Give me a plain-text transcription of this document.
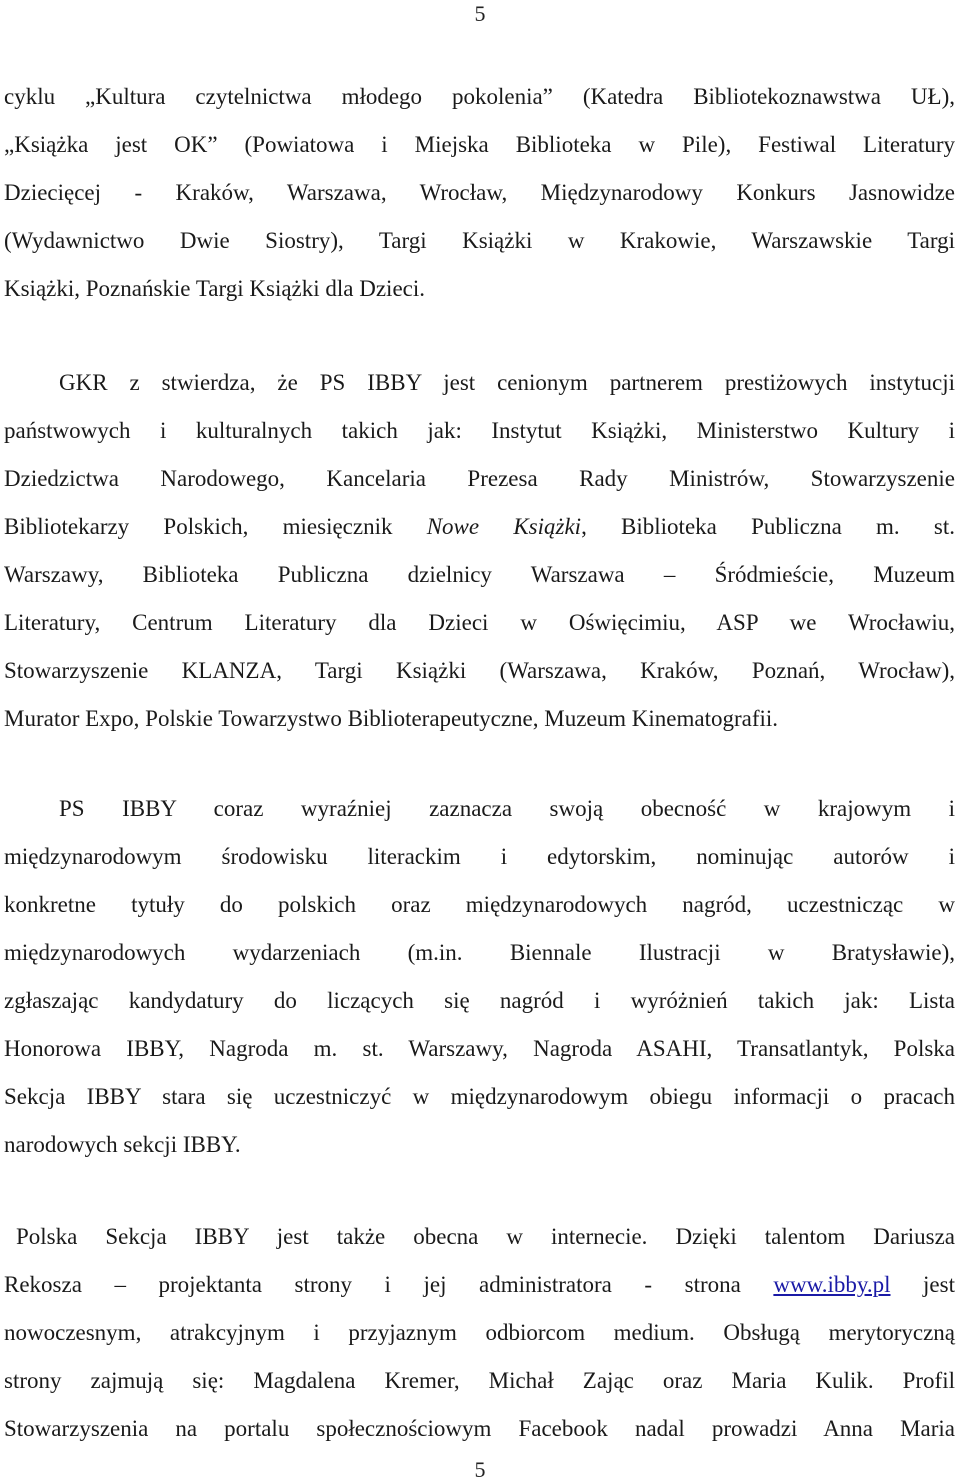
5
cyklu „Kultura czytelnictwa młodego pokolenia” (Katedra Bibliotekoznawstwa UŁ),
„Książka jest OK” (Powiatowa i Miejska Biblioteka w Pile), Festiwal Literatury
Dziecięcej - Kraków, Warszawa, Wrocław, Międzynarodowy Konkurs Jasnowidze
(Wydawnictwo Dwie Siostry), Targi Książki w Krakowie, Warszawskie Targi
Książki, Poznańskie Targi Książki dla Dzieci.
GKR z stwierdza, że PS IBBY jest cenionym partnerem prestiżowych instytucji
państwowych i kulturalnych takich jak: Instytut Książki, Ministerstwo Kultury i
Dziedzictwa Narodowego, Kancelaria Prezesa Rady Ministrów, Stowarzyszenie
Bibliotekarzy Polskich, miesięcznik Nowe Książki, Biblioteka Publiczna m. st.
Warszawy, Biblioteka Publiczna dzielnicy Warszawa – Śródmieście, Muzeum
Literatury, Centrum Literatury dla Dzieci w Oświęcimiu, ASP we Wrocławiu,
Stowarzyszenie KLANZA, Targi Książki (Warszawa, Kraków, Poznań, Wrocław),
Murator Expo, Polskie Towarzystwo Biblioterapeutyczne, Muzeum Kinematografii.
PS IBBY coraz wyraźniej zaznacza swoją obecność w krajowym i
międzynarodowym środowisku literackim i edytorskim, nominując autorów i
konkretne tytuły do polskich oraz międzynarodowych nagród, uczestnicząc w
międzynarodowych wydarzeniach (m.in. Biennale Ilustracji w Bratysławie),
zgłaszając kandydatury do liczących się nagród i wyróżnień takich jak: Lista
Honorowa IBBY, Nagroda m. st. Warszawy, Nagroda ASAHI, Transatlantyk, Polska
Sekcja IBBY stara się uczestniczyć w międzynarodowym obiegu informacji o pracach
narodowych sekcji IBBY.
Polska Sekcja IBBY jest także obecna w internecie. Dzięki talentom Dariusza
Rekosza – projektanta strony i jej administratora - strona www.ibby.pl jest
nowoczesnym, atrakcyjnym i przyjaznym odbiorcom medium. Obsługą merytoryczną
strony zajmują się: Magdalena Kremer, Michał Zając oraz Maria Kulik. Profil
Stowarzyszenia na portalu społecznościowym Facebook nadal prowadzi Anna Maria
5
